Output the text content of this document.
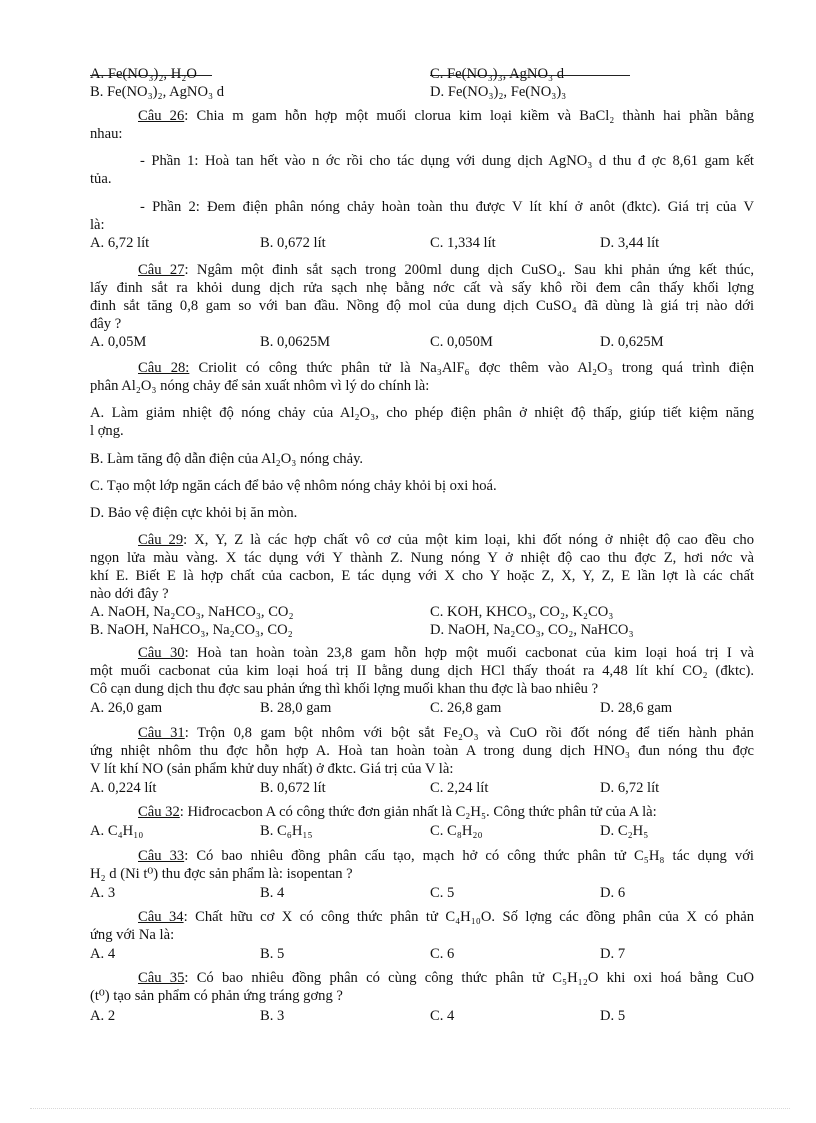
A. Fe(NO₃)₂, H₂O	C. Fe(NO₃)₃, AgNO₃ d
B. Fe(NO₃)₂, AgNO₃ d	D. Fe(NO₃)₂, Fe(NO₃)₃
Câu 26: Chia m gam hỗn hợp một muối clorua kim loại kiềm và BaCl₂ thành hai phần bằng
nhau:
- Phần 1: Hoà tan hết vào n ớc rồi cho tác dụng với dung dịch AgNO₃ d thu đ ợc 8,61 gam kết
tủa.
- Phần 2: Đem điện phân nóng chảy hoàn toàn thu được V lít khí ở anôt (đktc). Giá trị của V
là:
A. 6,72 lít	B. 0,672 lít	C. 1,334 lít	D. 3,44 lít
Câu 27: Ngâm một đinh sắt sạch trong 200ml dung dịch CuSO₄. Sau khi phản ứng kết thúc,
lấy đinh sắt ra khỏi dung dịch rửa sạch nhẹ bằng nớc cất và sấy khô rồi đem cân thấy khối lợng
đinh sắt tăng 0,8 gam so với ban đầu. Nồng độ mol của dung dịch CuSO₄ đã dùng là giá trị nào dới
đây ?
A. 0,05M	B. 0,0625M	C. 0,050M	D. 0,625M
Câu 28: Criolit có công thức phân tử là Na₃AlF₆ đợc thêm vào Al₂O₃ trong quá trình điện
phân Al₂O₃ nóng chảy để sản xuất nhôm vì lý do chính là:
A. Làm giảm nhiệt độ nóng chảy của Al₂O₃, cho phép điện phân ở nhiệt độ thấp, giúp tiết kiệm năng
l ợng.
B. Làm tăng độ dẫn điện của Al₂O₃ nóng chảy.
C. Tạo một lớp ngăn cách để bảo vệ nhôm nóng chảy khỏi bị oxi hoá.
D. Bảo vệ điện cực khỏi bị ăn mòn.
Câu 29: X, Y, Z là các hợp chất vô cơ của một kim loại, khi đốt nóng ở nhiệt độ cao đều cho
ngọn lửa màu vàng. X tác dụng với Y thành Z. Nung nóng Y ở nhiệt độ cao thu đợc Z, hơi nớc và
khí E. Biết E là hợp chất của cacbon, E tác dụng với X cho Y hoặc Z, X, Y, Z, E lần lợt là các chất
nào dới đây ?
A. NaOH, Na₂CO₃, NaHCO₃, CO₂	C. KOH, KHCO₃, CO₂, K₂CO₃
B. NaOH, NaHCO₃, Na₂CO₃, CO₂	D. NaOH, Na₂CO₃, CO₂, NaHCO₃
Câu 30: Hoà tan hoàn toàn 23,8 gam hỗn hợp một muối cacbonat của kim loại hoá trị I và
một muối cacbonat của kim loại hoá trị II bằng dung dịch HCl thấy thoát ra 4,48 lít khí CO₂ (đktc).
Cô cạn dung dịch thu đợc sau phản ứng thì khối lợng muối khan thu đợc là bao nhiêu ?
A. 26,0 gam	B. 28,0 gam	C. 26,8 gam	D. 28,6 gam
Câu 31: Trộn 0,8 gam bột nhôm với bột sắt Fe₂O₃ và CuO rồi đốt nóng để tiến hành phản
ứng nhiệt nhôm thu đợc hỗn hợp A. Hoà tan hoàn toàn A trong dung dịch HNO₃ đun nóng thu đợc
V lít khí NO (sản phẩm khử duy nhất) ở đktc. Giá trị của V là:
A. 0,224 lít	B. 0,672 lít	C. 2,24 lít	D. 6,72 lít
Câu 32: Hiđrocacbon A có công thức đơn giản nhất là C₂H₅. Công thức phân tử của A là:
A. C₄H₁₀	B. C₆H₁₅	C. C₈H₂₀	D. C₂H₅
Câu 33: Có bao nhiêu đồng phân cấu tạo, mạch hở có công thức phân tử C₅H₈ tác dụng với
H₂ d (Ni t⁰) thu đợc sản phẩm là: isopentan ?
A. 3	B. 4	C. 5	D. 6
Câu 34: Chất hữu cơ X có công thức phân tử C₄H₁₀O. Số lợng các đồng phân của X có phản
ứng với Na là:
A. 4	B. 5	C. 6	D. 7
Câu 35: Có bao nhiêu đồng phân có cùng công thức phân tử C₅H₁₂O khi oxi hoá bằng CuO
(t⁰) tạo sản phẩm có phản ứng tráng gơng ?
A. 2	B. 3	C. 4	D. 5
